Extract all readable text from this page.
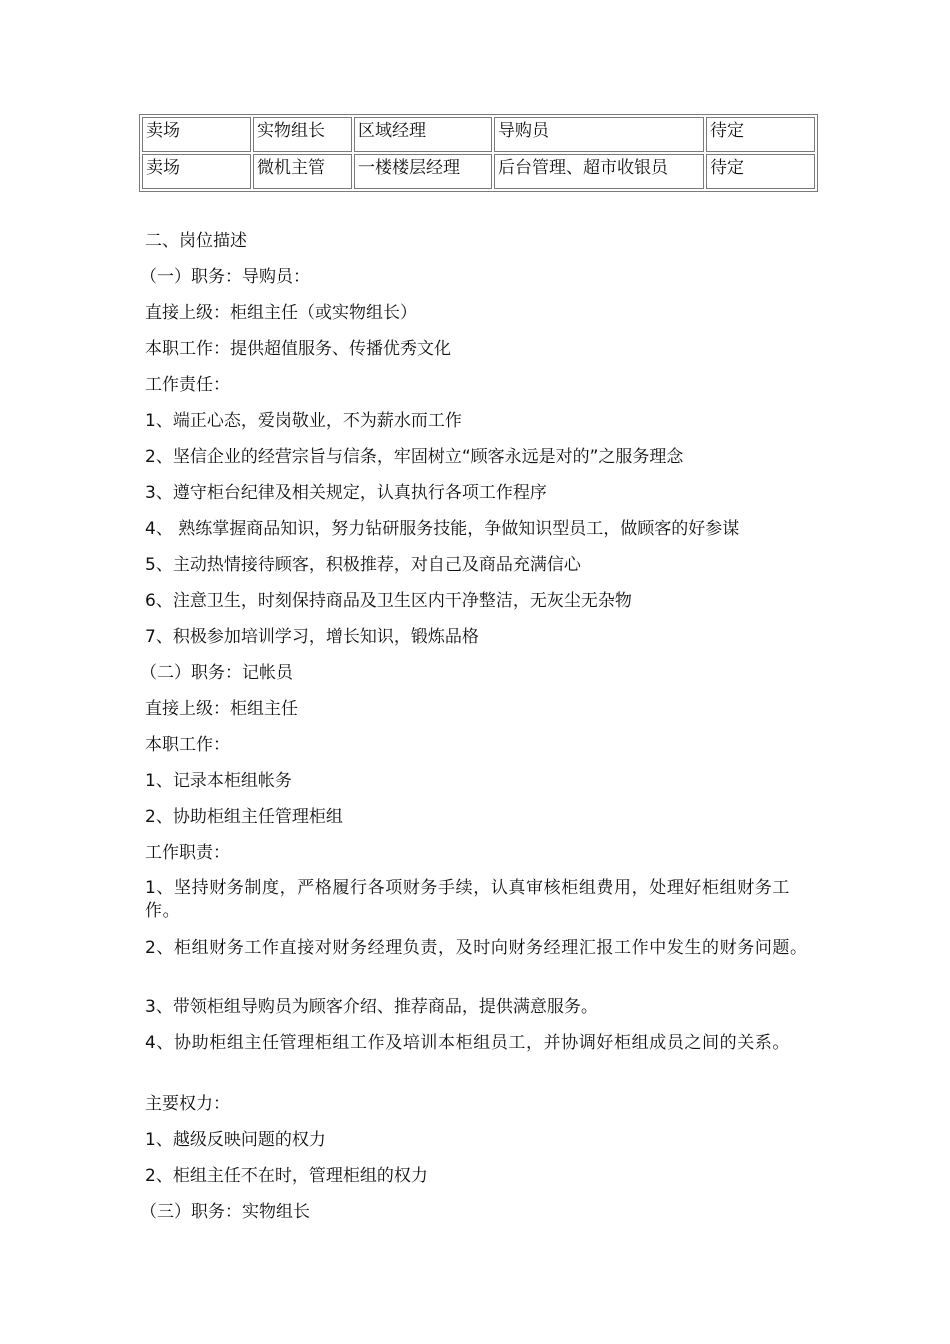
卖场	实物组长	区域经理	导购员	待定
卖场	微机主管	一楼楼层经理	后台管理、超市收银员	待定
二、岗位描述
（一）职务：导购员：
直接上级：柜组主任（或实物组长）
本职工作：提供超值服务、传播优秀文化
工作责任：
1、端正心态，爱岗敬业，不为薪水而工作
2、坚信企业的经营宗旨与信条，牢固树立“顾客永远是对的”之服务理念
3、遵守柜台纪律及相关规定，认真执行各项工作程序
4、 熟练掌握商品知识，努力钻研服务技能，争做知识型员工，做顾客的好参谋
5、主动热情接待顾客，积极推荐，对自己及商品充满信心
6、注意卫生，时刻保持商品及卫生区内干净整洁，无灰尘无杂物
7、积极参加培训学习，增长知识，锻炼品格
（二）职务：记帐员
直接上级：柜组主任
本职工作：
1、记录本柜组帐务
2、协助柜组主任管理柜组
工作职责：
1、坚持财务制度，严格履行各项财务手续，认真审核柜组费用，处理好柜组财务工作。
2、柜组财务工作直接对财务经理负责，及时向财务经理汇报工作中发生的财务问题。
3、带领柜组导购员为顾客介绍、推荐商品，提供满意服务。
4、协助柜组主任管理柜组工作及培训本柜组员工，并协调好柜组成员之间的关系。
主要权力：
1、越级反映问题的权力
2、柜组主任不在时，管理柜组的权力
（三）职务：实物组长
